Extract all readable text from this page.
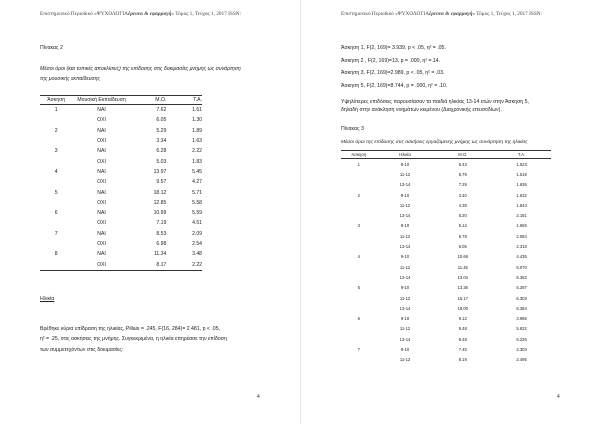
Επιστημονικό Περιοδικό «ΨΥΧΟΛΟΓΙΑέρευνα & εφαρμογή» Τόμος 1, Τεύχος 1, 2017 ISSN:
Πίνακας 2
Μέσοι όροι (και τυπικές αποκλίσεις) της επίδοσης στις δοκιμασίες μνήμης ως συνάρτηση
της μουσικής εκπαίδευσης
Άσκηση	Μουσική Εκπαίδευση	Μ.Ο.	Τ.Α.
1	ΝΑΙ	7.62	1.61
	ΟΧΙ	6.05	1.30
2	ΝΑΙ	5.29	1.89
	ΟΧΙ	3.34	1.63
3	ΝΑΙ	6.28	2.22
	ΟΧΙ	5.03	1.83
4	ΝΑΙ	13.97	5.45
	ΟΧΙ	9.57	4.27
5	ΝΑΙ	18.12	5.71
	ΟΧΙ	12.85	5.58
6	ΝΑΙ	10.99	5.59
	ΟΧΙ	7.19	4.51
7	ΝΑΙ	8.53	2.09
	ΟΧΙ	6.98	2.54
8	ΝΑΙ	11.34	3.48
	ΟΧΙ	8.17	2.22
Ηλικία
Βρέθηκε κύρια επίδραση της ηλικίας, Pillais = .245, F(16, 284)= 2.481, p < .05,
η² = .25, στις ασκήσεις της μνήμης. Συγκεκριμένα, η ηλικία επηρέασε την επίδοση
των συμμετεχόντων στις δοκιμασίες:
4
Επιστημονικό Περιοδικό «ΨΥΧΟΛΟΓΙΑέρευνα & εφαρμογή» Τόμος 1, Τεύχος 1, 2017 ISSN:
Άσκηση 1, F(2, 169)= 3.939, p < .05, η² = .05.
Άσκηση 2 , F(2, 169)=13, p = .000, η² =.14.
Άσκηση 3, F(2, 169)=2.989, p < .05, η² = .03.
Άσκηση 5, F(2, 169)=8.744, p = .000, η² = .10.
Υψηλότερες επιδόσεις παρουσίασαν τα παιδιά ηλικίας 13-14 ετών στην Άσκηση 5,
δηλαδή στην ανάκληση νοημάτων κειμένου (Διαχρονικής επεισοδίων).
Πίνακας 3
Μέσοι όροι της επίδοσης στις ασκήσεις εργαζόμενης μνήμης ως συνάρτηση της ηλικίας
Άσκηση	Ηλικία	Μ.Ο.	Τ.Α.
1	9-10	6.43	1.523
	11-12	6.79	1.519
	13-14	7.29	1.636
2	9-10	3.40	1.632
	11-12	4.38	1.843
	13-14	5.20	2.181
3	9-10	5.12	1.655
	11-12	5.78	2.084
	13-14	6.05	2.318
4	9-10	10.66	4.435
	11-12	11.45	5.070
	13-14	13.04	5.363
5	9-10	13.36	5.287
	11-12	15.17	6.303
	13-14	18.00	6.364
6	9-10	9.12	3.965
	11-12	8.48	5.832
	13-14	9.48	6.226
7	9-10	7.45	2.303
	11-12	8.19	2.495
4
